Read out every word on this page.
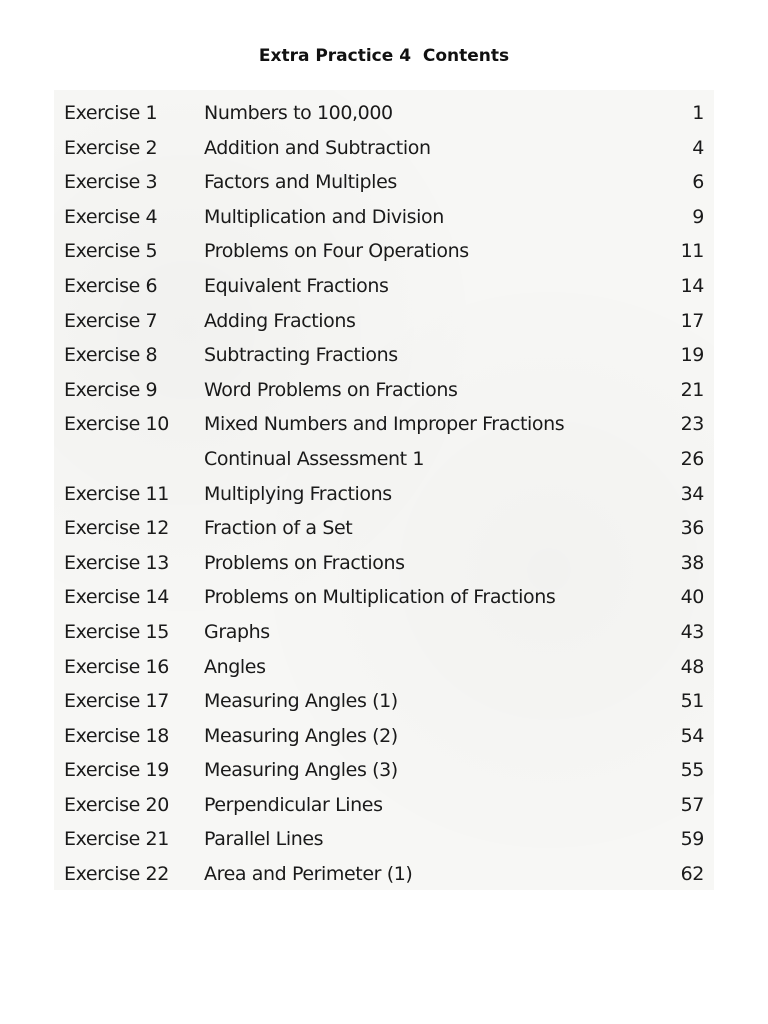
Extra Practice 4  Contents
Exercise 1 Numbers to 100,000	1
Exercise 2 Addition and Subtraction	4
Exercise 3 Factors and Multiples	6
Exercise 4 Multiplication and Division	9
Exercise 5 Problems on Four Operations	11
Exercise 6 Equivalent Fractions	14
Exercise 7 Adding Fractions	17
Exercise 8 Subtracting Fractions	19
Exercise 9 Word Problems on Fractions	21
Exercise 10 Mixed Numbers and Improper Fractions	23
Continual Assessment 1	26
Exercise 11 Multiplying Fractions	34
Exercise 12 Fraction of a Set	36
Exercise 13 Problems on Fractions	38
Exercise 14 Problems on Multiplication of Fractions	40
Exercise 15 Graphs	43
Exercise 16 Angles	48
Exercise 17 Measuring Angles (1)	51
Exercise 18 Measuring Angles (2)	54
Exercise 19 Measuring Angles (3)	55
Exercise 20 Perpendicular Lines	57
Exercise 21 Parallel Lines	59
Exercise 22 Area and Perimeter (1)	62
